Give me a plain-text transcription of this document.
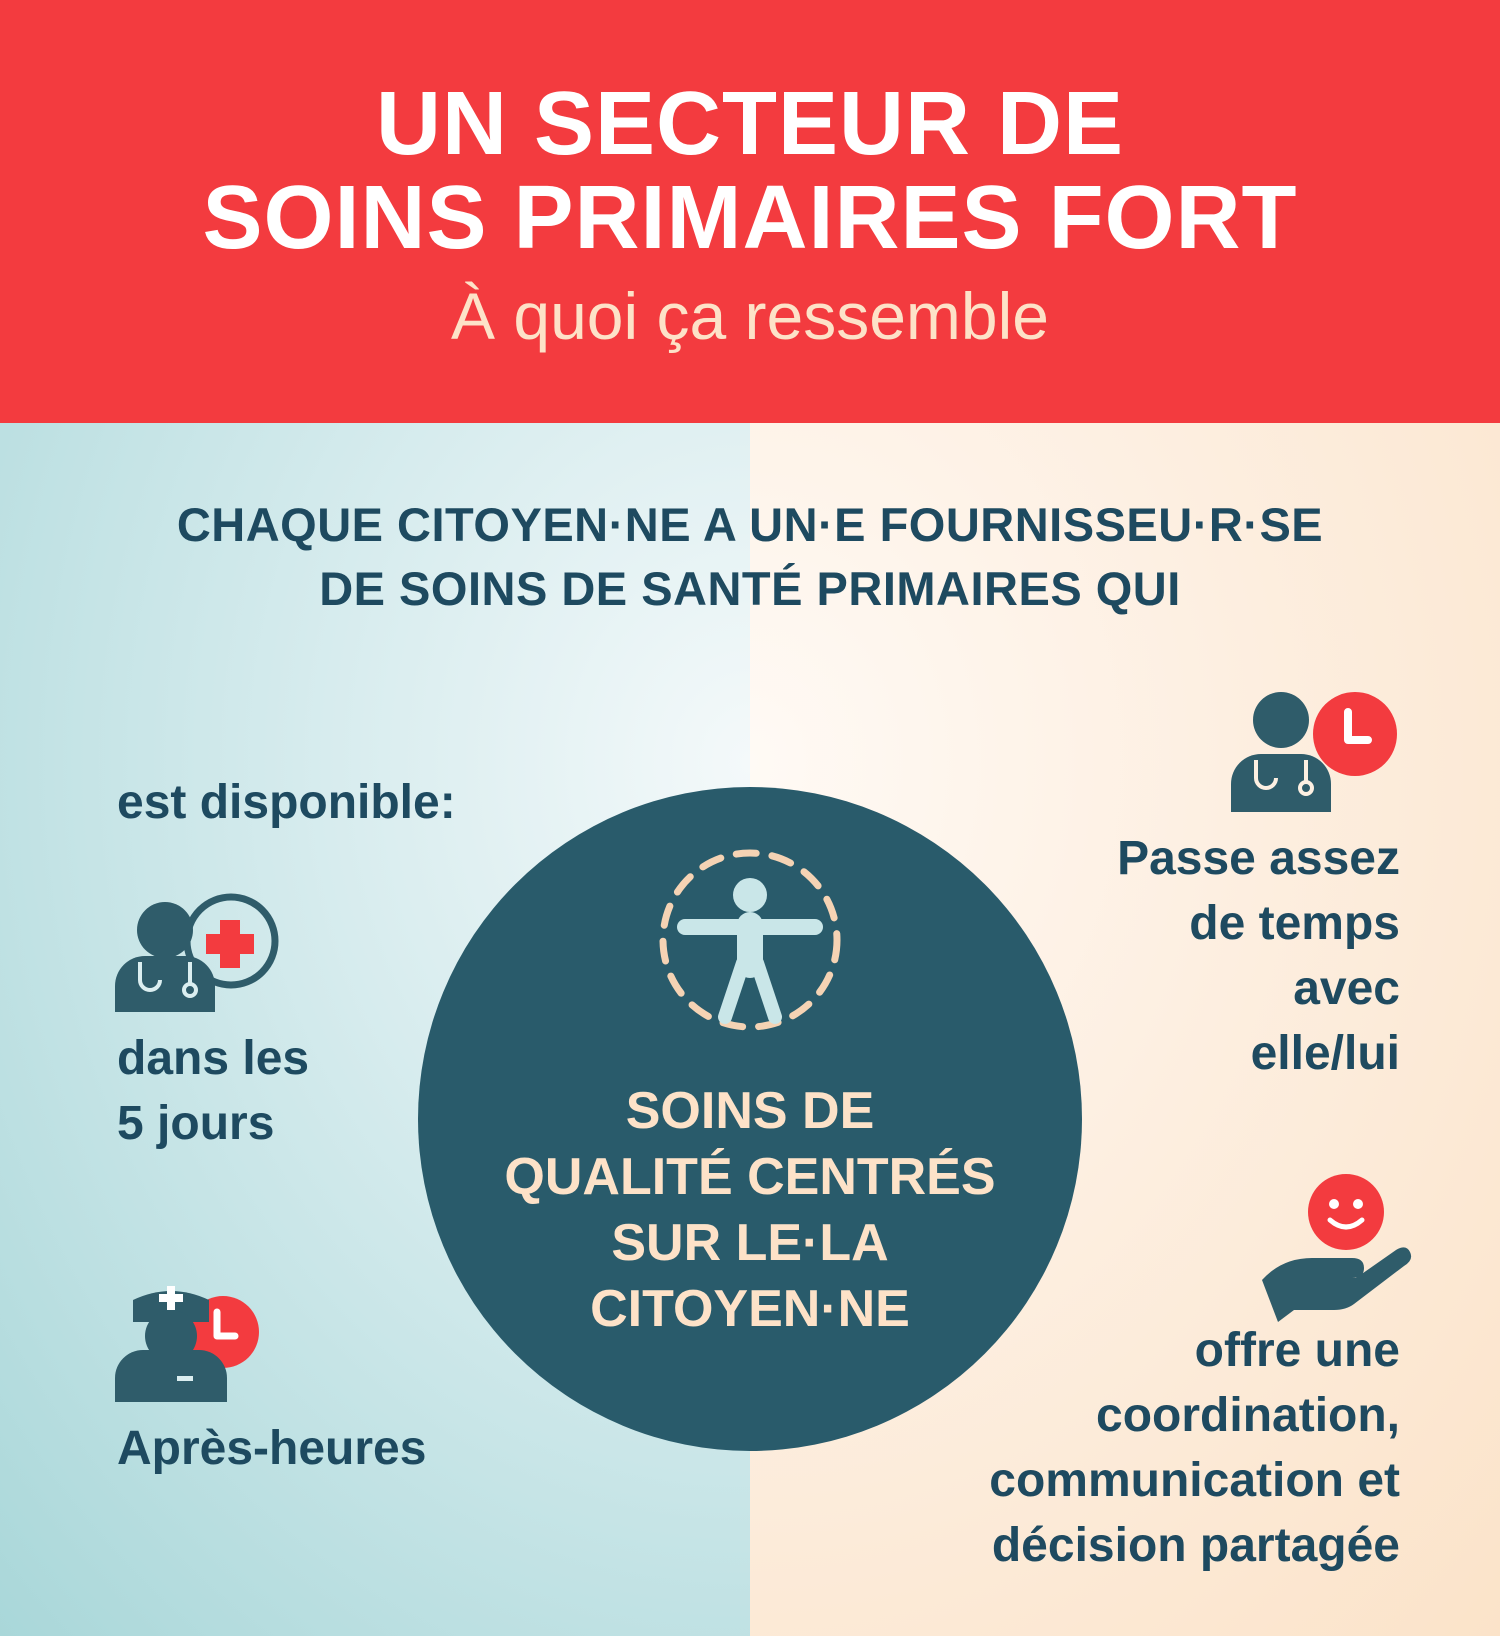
UN SECTEUR DE
SOINS PRIMAIRES FORT
À quoi ça ressemble
CHAQUE CITOYEN·NE A UN·E FOURNISSEU·R·SE
DE SOINS DE SANTÉ PRIMAIRES QUI
est disponible:
dans les
5 jours
Après-heures
SOINS DE
QUALITÉ CENTRÉS
SUR LE·LA
CITOYEN·NE
Passe assez
de temps
avec
elle/lui
offre une
coordination,
communication et
décision partagée
